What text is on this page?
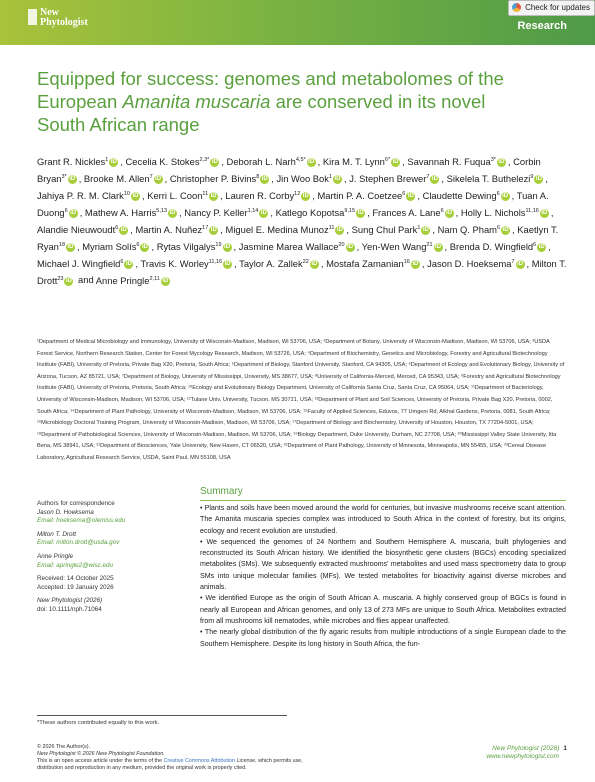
New
Phytologist	Research
Check for updates
Equipped for success: genomes and metabolomes of the European Amanita muscaria are conserved in its novel South African range
Grant R. Nickles$^1$ iD , Cecelia K. Stokes$^{2,3*}$ iD , Deborah L. Narh$^{4,5*}$ iD , Kira M. T. Lynn$^{6*}$ iD , Savannah R. Fuqua$^{3*}$ iD , Corbin Bryan$^{3*}$ iD , Brooke M. Allen$^7$ iD , Christopher P. Bivins$^8$ iD , Jin Woo Bok$^1$ iD , J. Stephen Brewer$^7$ iD , Sikelela T. Buthelezi$^9$ iD , Jahiya P. R. M. Clark$^{10}$ iD , Kerri L. Coon$^{11}$ iD , Lauren R. Corby$^{12}$ iD , Martin P. A. Coetzee$^6$ iD , Claudette Dewing$^6$ iD , Tuan A. Duong$^6$ iD , Mathew A. Harris$^{5,13}$ iD , Nancy P. Keller$^{1,14}$ iD , Katlego Kopotsa$^{9,15}$ iD , Frances A. Lane$^6$ iD , Holly L. Nichols$^{11,16}$ iD , Alandie Nieuwoudt$^6$ iD , Martin A. Nuñez$^{17}$ iD , Miguel E. Medina Munoz$^{11}$ iD , Sung Chul Park$^1$ iD , Nam Q. Pham$^6$ iD , Kaetlyn T. Ryan$^{18}$ iD , Myriam Solís$^6$ iD , Rytas Vilgalys$^{19}$ iD , Jasmine Marea Wallace$^{20}$ iD , Yen-Wen Wang$^{21}$ iD , Brenda D. Wingfield$^6$ iD , Michael J. Wingfield$^6$ iD , Travis K. Worley$^{11,16}$ iD , Taylor A. Zallek$^{22}$ iD , Mostafa Zamanian$^{16}$ iD , Jason D. Hoeksema$^7$ iD , Milton T. Drott$^{23}$ iD and Anne Pringle$^{2,11}$ iD
¹Department of Medical Microbiology and Immunology, University of Wisconsin-Madison, Madison, WI 53706, USA; ²Department of Botany, University of Wisconsin-Madison, Madison, WI 53706, USA; ³USDA Forest Service, Northern Research Station, Center for Forest Mycology Research, Madison, WI 53726, USA; ⁴Department of Biochemistry, Genetics and Microbiology, Forestry and Agricultural Biotechnology Institute (FABI), University of Pretoria, Private Bag X20, Pretoria, South Africa; ⁵Department of Biology, Stanford University, Stanford, CA 94305, USA; ⁶Department of Ecology and Evolutionary Biology, University of Arizona, Tucson, AZ 85721, USA; ⁷Department of Biology, University of Mississippi, University, MS 38677, USA; ⁸University of California-Merced, Merced, CA 95343, USA; ⁹Forestry and Agricultural Biotechnology Institute (FABI), University of Pretoria, Pretoria, South Africa; ¹⁰Ecology and Evolutionary Biology Department, University of California Santa Cruz, Santa Cruz, CA 95064, USA; ¹¹Department of Bacteriology, University of Wisconsin-Madison, Madison, WI 53706, USA; ¹²Tulane Univ, University, Tucson, MS 30721, USA; ¹³Department of Plant and Soil Sciences, University of Pretoria, Private Bag X20, Pretoria, 0002, South Africa; ¹⁴Department of Plant Pathology, University of Wisconsin-Madison, Madison, WI 53706, USA; ¹⁵Faculty of Applied Sciences, Eduvos, 77 Umgeni Rd, Alkhal Gardens, Pretoria, 0081, South Africa; ¹⁶Microbiology Doctoral Training Program, University of Wisconsin-Madison, Madison, WI 53706, USA; ¹⁷Department of Biology and Biochemistry, University of Houston, Houston, TX 77204-5001, USA; ¹⁸Department of Pathobiological Sciences, University of Wisconsin-Madison, Madison, WI 53706, USA; ¹⁹Biology Department, Duke University, Durham, NC 27708, USA; ²⁰Mississippi Valley State University, Itta Bena, MS 38941, USA; ²¹Department of Biosciences, Yale University, New Haven, CT 06520, USA; ²²Department of Plant Pathology, University of Minnesota, Minneapolis, MN 55455, USA; ²³Cereal Disease Laboratory, Agricultural Research Service, USDA, Saint Paul, MN 55108, USA
Authors for correspondence
Jason D. Hoeksema
Email: hoeksema@olemiss.edu
Milton T. Drott
Email: milton.drott@usda.gov
Anne Pringle
Email: apringle2@wisc.edu
Received: 14 October 2025
Accepted: 19 January 2026
New Phytologist (2026)
doi: 10.1111/nph.71064
Summary

• Plants and soils have been moved around the world for centuries, but invasive mushrooms receive scant attention. The Amanita muscaria species complex was introduced to South Africa in the context of forestry, but its origins, ecology and recent evolution are unstudied.

• We sequenced the genomes of 24 Northern and Southern Hemisphere A. muscaria, built phylogenies and reconstructed its South African history. We identified the biosynthetic gene clusters (BGCs) encoding specialized metabolites (SMs). We subsequently extracted mushrooms' metabolites and used mass spectrometry data to group SMs into unique molecular families (MFs). We tested metabolites for bioactivity against diverse microbes and animals.

• We identified Europe as the origin of South African A. muscaria. A highly conserved group of BGCs is found in nearly all European and African genomes, and only 13 of 273 MFs are unique to South Africa. Metabolites extracted from all mushrooms kill nematodes, while microbes and flies appear unaffected.

• The nearly global distribution of the fly agaric results from multiple introductions of a single European clade to the Southern Hemisphere. Despite its long history in South Africa, the fun-

*These authors contributed equally to this work.
© 2026 The Author(s).
New Phytologist © 2026 New Phytologist Foundation.
This is an open access article under the terms of the Creative Commons Attribution License, which permits use,
distribution and reproduction in any medium, provided the original work is properly cited.
New Phytologist (2026) 1
www.newphytologist.com
